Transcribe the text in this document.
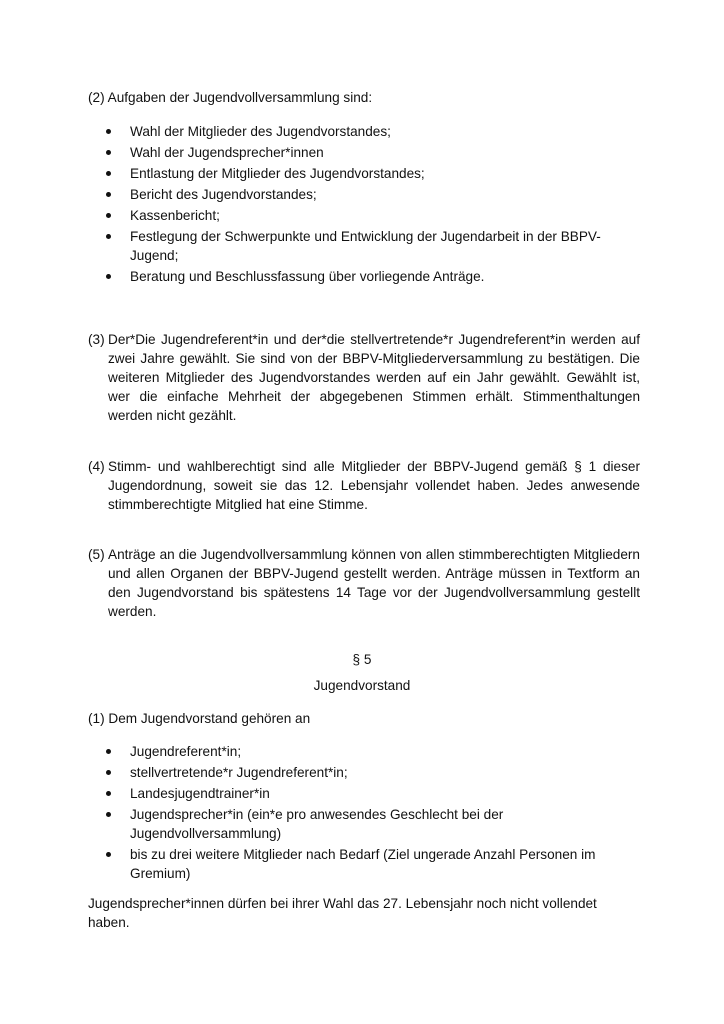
(2) Aufgaben der Jugendvollversammlung sind:

Wahl der Mitglieder des Jugendvorstandes;
Wahl der Jugendsprecher*innen
Entlastung der Mitglieder des Jugendvorstandes;
Bericht des Jugendvorstandes;
Kassenbericht;
Festlegung der Schwerpunkte und Entwicklung der Jugendarbeit in der BBPV-Jugend;
Beratung und Beschlussfassung über vorliegende Anträge.
(3) Der*Die Jugendreferent*in und der*die stellvertretende*r Jugendreferent*in werden auf zwei Jahre gewählt. Sie sind von der BBPV-Mitgliederversammlung zu bestätigen. Die weiteren Mitglieder des Jugendvorstandes werden auf ein Jahr gewählt. Gewählt ist, wer die einfache Mehrheit der abgegebenen Stimmen erhält. Stimmenthaltungen werden nicht gezählt.
(4) Stimm- und wahlberechtigt sind alle Mitglieder der BBPV-Jugend gemäß § 1 dieser Jugendordnung, soweit sie das 12. Lebensjahr vollendet haben. Jedes anwesende stimmberechtigte Mitglied hat eine Stimme.
(5) Anträge an die Jugendvollversammlung können von allen stimmberechtigten Mitgliedern und allen Organen der BBPV-Jugend gestellt werden. Anträge müssen in Textform an den Jugendvorstand bis spätestens 14 Tage vor der Jugendvollversammlung gestellt werden.

§ 5

Jugendvorstand

(1) Dem Jugendvorstand gehören an

Jugendreferent*in;
stellvertretende*r Jugendreferent*in;
Landesjugendtrainer*in
Jugendsprecher*in (ein*e pro anwesendes Geschlecht bei der Jugendvollversammlung)
bis zu drei weitere Mitglieder nach Bedarf (Ziel ungerade Anzahl Personen im Gremium)

Jugendsprecher*innen dürfen bei ihrer Wahl das 27. Lebensjahr noch nicht vollendet haben.
